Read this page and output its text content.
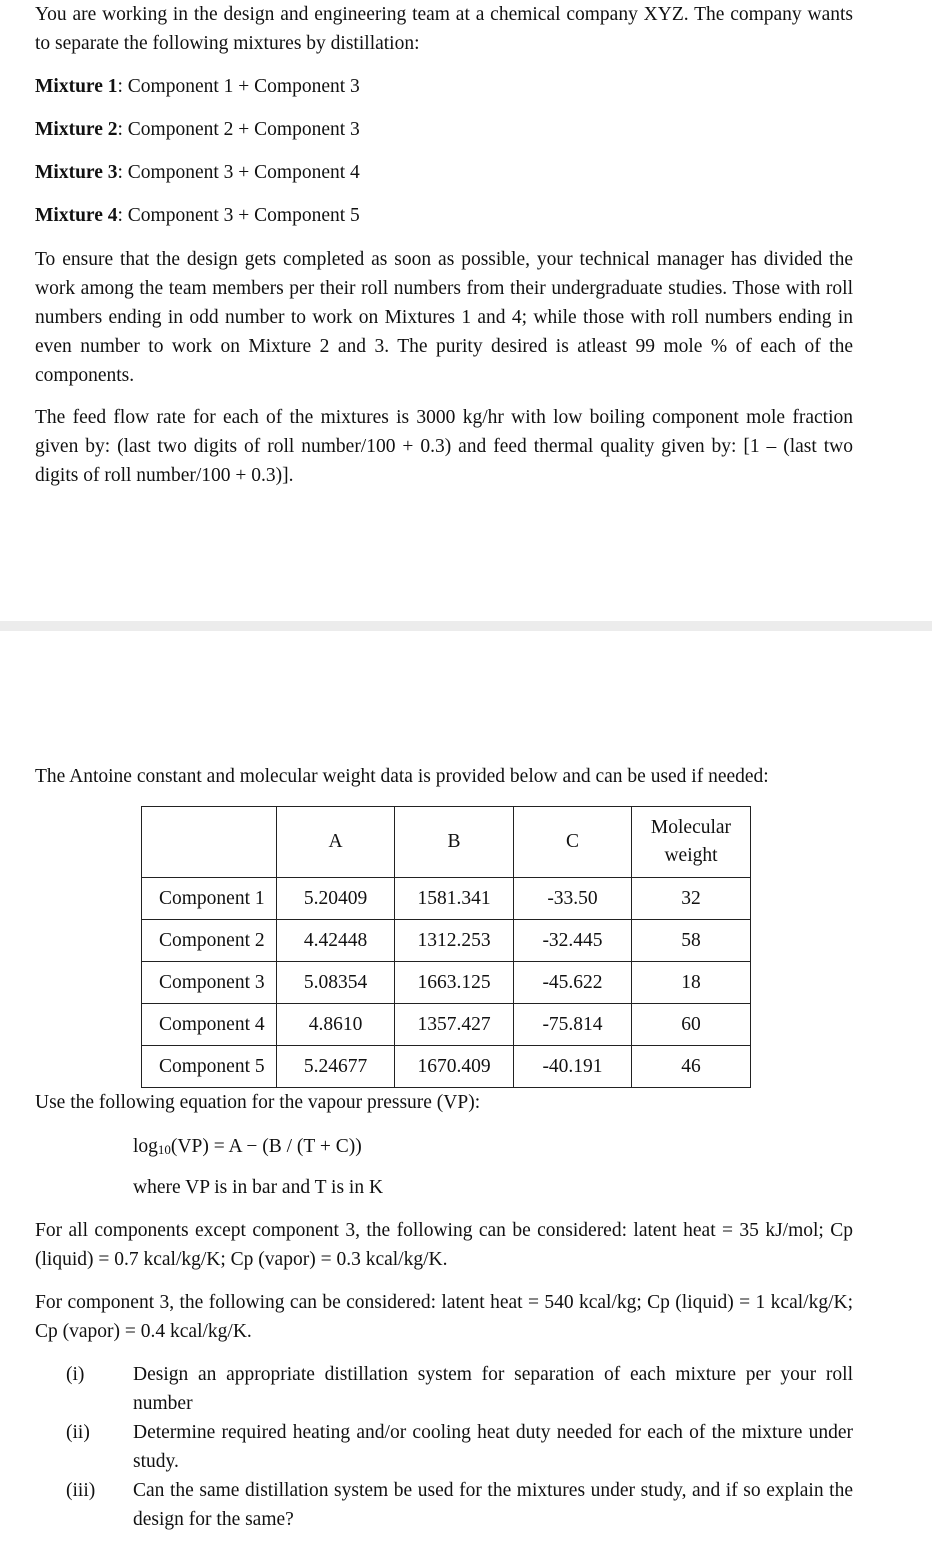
You are working in the design and engineering team at a chemical company XYZ. The company wants to separate the following mixtures by distillation:

Mixture 1: Component 1 + Component 3
Mixture 2: Component 2 + Component 3
Mixture 3: Component 3 + Component 4
Mixture 4: Component 3 + Component 5

To ensure that the design gets completed as soon as possible, your technical manager has divided the work among the team members per their roll numbers from their undergraduate studies. Those with roll numbers ending in odd number to work on Mixtures 1 and 4; while those with roll numbers ending in even number to work on Mixture 2 and 3. The purity desired is atleast 99 mole % of each of the components.

The feed flow rate for each of the mixtures is 3000 kg/hr with low boiling component mole fraction given by: (last two digits of roll number/100 + 0.3) and feed thermal quality given by: [1 – (last two digits of roll number/100 + 0.3)].

The Antoine constant and molecular weight data is provided below and can be used if needed:

	A	B	C	Molecular weight
Component 1	5.20409	1581.341	-33.50	32
Component 2	4.42448	1312.253	-32.445	58
Component 3	5.08354	1663.125	-45.622	18
Component 4	4.8610	1357.427	-75.814	60
Component 5	5.24677	1670.409	-40.191	46

Use the following equation for the vapour pressure (VP):

$\log_{10}(VP) = A - (B / (T + C))$

where VP is in bar and T is in K

For all components except component 3, the following can be considered: latent heat = 35 kJ/mol; Cp (liquid) = 0.7 kcal/kg/K; Cp (vapor) = 0.3 kcal/kg/K.

For component 3, the following can be considered: latent heat = 540 kcal/kg; Cp (liquid) = 1 kcal/kg/K; Cp (vapor) = 0.4 kcal/kg/K.

(i) Design an appropriate distillation system for separation of each mixture per your roll number

(ii) Determine required heating and/or cooling heat duty needed for each of the mixture under study.

(iii) Can the same distillation system be used for the mixtures under study, and if so explain the design for the same?
